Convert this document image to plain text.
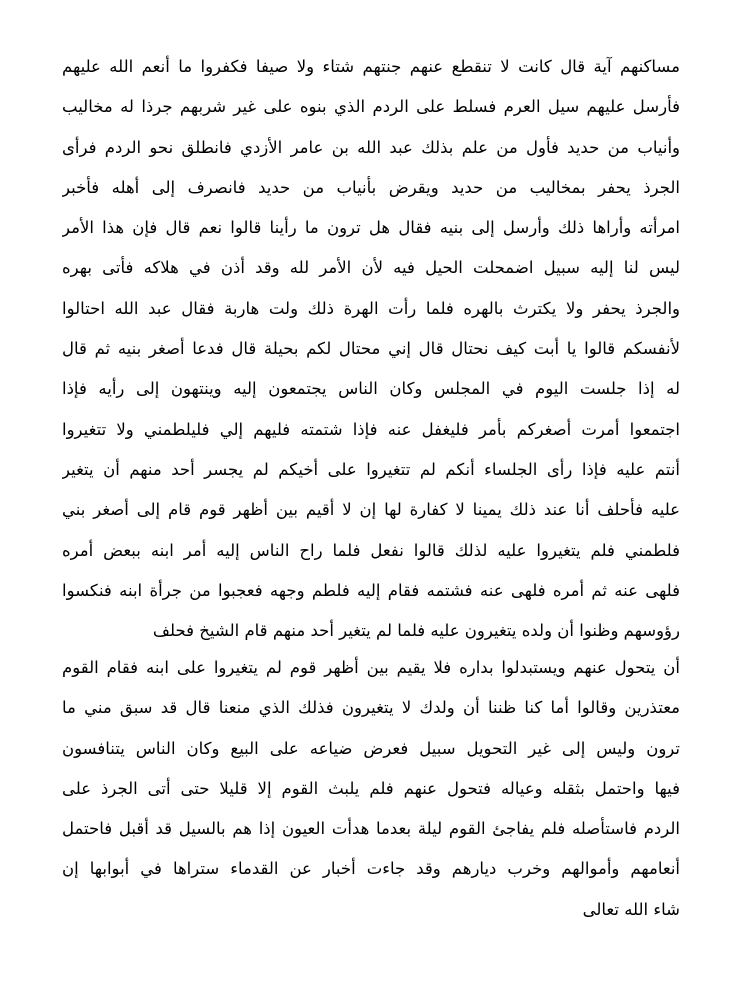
مساكنهم آية قال كانت لا تنقطع عنهم جنتهم شتاء ولا صيفا فكفروا ما أنعم الله عليهم
فأرسل عليهم سيل العرم فسلط على الردم الذي بنوه على غير شربهم جرذا له مخاليب
وأنياب من حديد فأول من علم بذلك عبد الله بن عامر الأزدي فانطلق نحو الردم فرأى
الجرذ يحفر بمخاليب من حديد ويقرض بأنياب من حديد فانصرف إلى أهله فأخبر
امرأته وأراها ذلك وأرسل إلى بنيه فقال هل ترون ما رأينا قالوا نعم قال فإن هذا الأمر
ليس لنا إليه سبيل اضمحلت الحيل فيه لأن الأمر لله وقد أذن في هلاكه فأتى بهره
والجرذ يحفر ولا يكترث بالهره فلما رأت الهرة ذلك ولت هاربة فقال عبد الله احتالوا
لأنفسكم قالوا يا أبت كيف نحتال قال إني محتال لكم بحيلة قال فدعا أصغر بنيه ثم قال
له إذا جلست اليوم في المجلس وكان الناس يجتمعون إليه وينتهون إلى رأيه فإذا
اجتمعوا أمرت أصغركم بأمر فليغفل عنه فإذا شتمته فليهم إلي فليلطمني ولا تتغيروا
أنتم عليه فإذا رأى الجلساء أنكم لم تتغيروا على أخيكم لم يجسر أحد منهم أن يتغير
عليه فأحلف أنا عند ذلك يمينا لا كفارة لها إن لا أقيم بين أظهر قوم قام إلى أصغر بني
فلطمني فلم يتغيروا عليه لذلك قالوا نفعل فلما راح الناس إليه أمر ابنه ببعض أمره
فلهى عنه ثم أمره فلهى عنه فشتمه فقام إليه فلطم وجهه فعجبوا من جرأة ابنه فنكسوا
رؤوسهم وظنوا أن ولده يتغيرون عليه فلما لم يتغير أحد منهم قام الشيخ فحلف
أن يتحول عنهم ويستبدلوا بداره فلا يقيم بين أظهر قوم لم يتغيروا على ابنه فقام القوم
معتذرين وقالوا أما كنا ظننا أن ولدك لا يتغيرون فذلك الذي منعنا قال قد سبق مني ما
ترون وليس إلى غير التحويل سبيل فعرض ضياعه على البيع وكان الناس يتنافسون
فيها واحتمل بثقله وعياله فتحول عنهم فلم يلبث القوم إلا قليلا حتى أتى الجرذ على
الردم فاستأصله فلم يفاجئ القوم ليلة بعدما هدأت العيون إذا هم بالسيل قد أقبل فاحتمل
أنعامهم وأموالهم وخرب ديارهم وقد جاءت أخبار عن القدماء ستراها في أبوابها إن
شاء الله تعالى
